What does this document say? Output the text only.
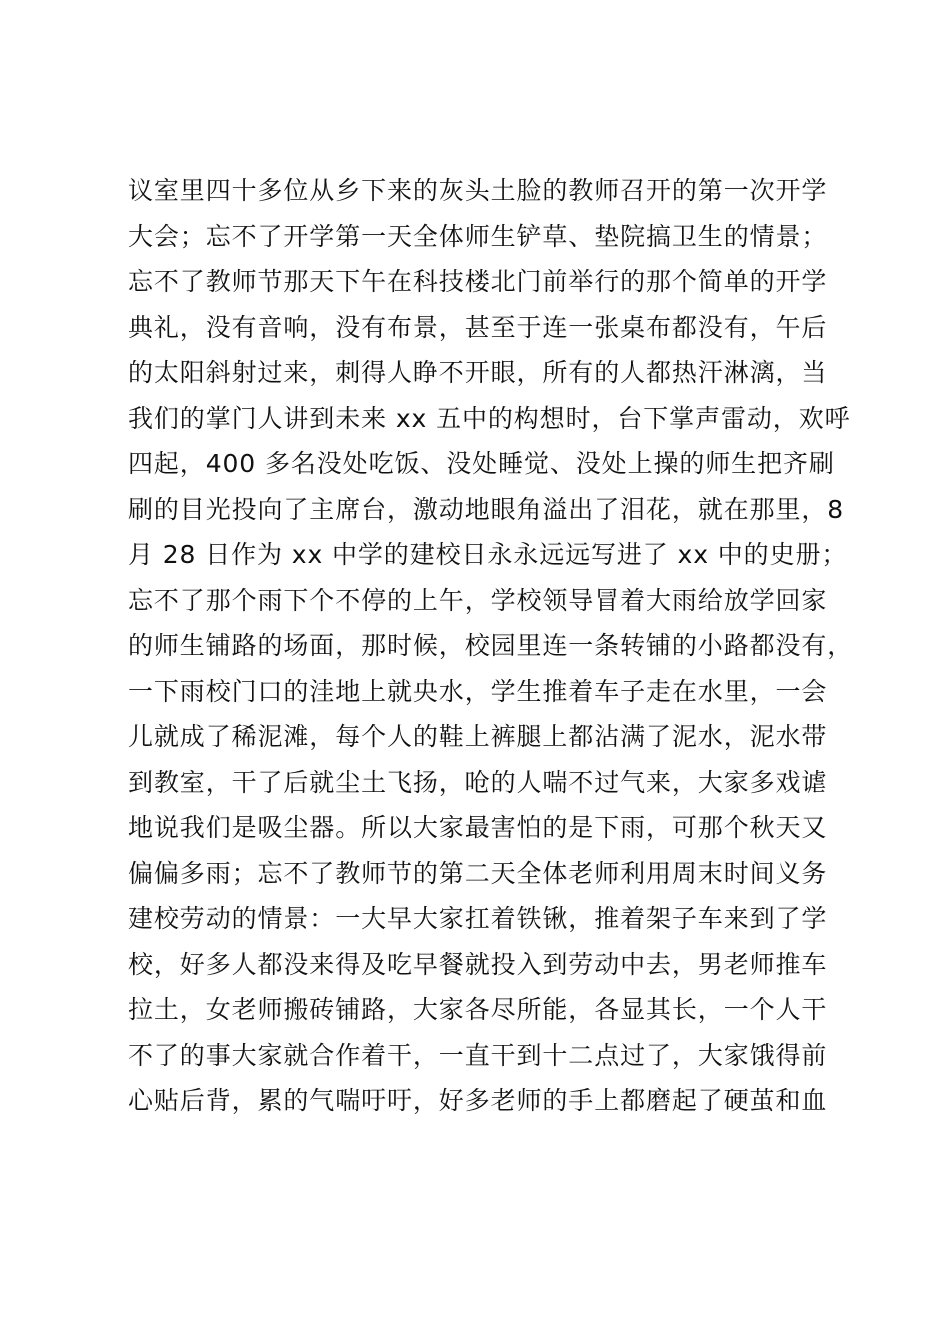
议室里四十多位从乡下来的灰头土脸的教师召开的第一次开学
大会；忘不了开学第一天全体师生铲草、垫院搞卫生的情景；
忘不了教师节那天下午在科技楼北门前举行的那个简单的开学
典礼，没有音响，没有布景，甚至于连一张桌布都没有，午后
的太阳斜射过来，刺得人睁不开眼，所有的人都热汗淋漓，当
我们的掌门人讲到未来 xx 五中的构想时，台下掌声雷动，欢呼
四起，400 多名没处吃饭、没处睡觉、没处上操的师生把齐刷
刷的目光投向了主席台，激动地眼角溢出了泪花，就在那里，8
月 28 日作为 xx 中学的建校日永永远远写进了 xx 中的史册；
忘不了那个雨下个不停的上午，学校领导冒着大雨给放学回家
的师生铺路的场面，那时候，校园里连一条转铺的小路都没有，
一下雨校门口的洼地上就央水，学生推着车子走在水里，一会
儿就成了稀泥滩，每个人的鞋上裤腿上都沾满了泥水，泥水带
到教室，干了后就尘土飞扬，呛的人喘不过气来，大家多戏谑
地说我们是吸尘器。所以大家最害怕的是下雨，可那个秋天又
偏偏多雨；忘不了教师节的第二天全体老师利用周末时间义务
建校劳动的情景：一大早大家扛着铁锹，推着架子车来到了学
校，好多人都没来得及吃早餐就投入到劳动中去，男老师推车
拉土，女老师搬砖铺路，大家各尽所能，各显其长，一个人干
不了的事大家就合作着干，一直干到十二点过了，大家饿得前
心贴后背，累的气喘吁吁，好多老师的手上都磨起了硬茧和血
